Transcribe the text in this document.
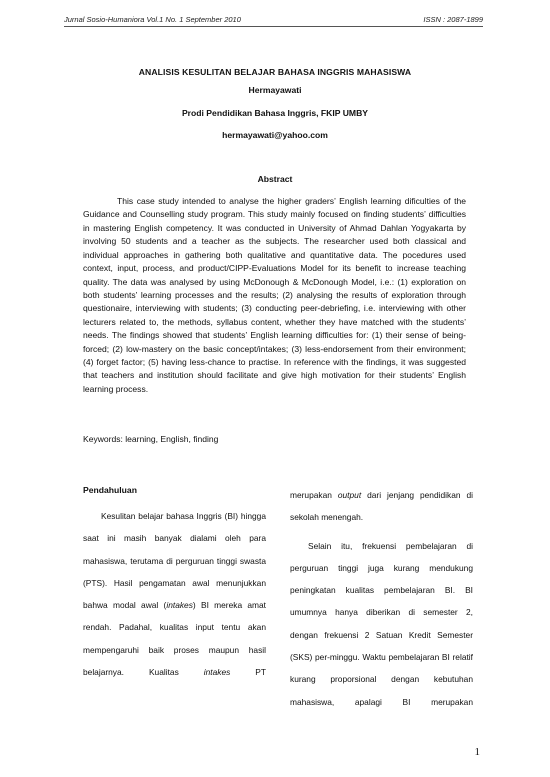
Jurnal Sosio-Humaniora Vol.1 No. 1 September 2010	ISSN : 2087-1899
ANALISIS KESULITAN BELAJAR BAHASA INGGRIS MAHASISWA
Hermayawati
Prodi Pendidikan Bahasa Inggris, FKIP UMBY
hermayawati@yahoo.com
Abstract

This case study intended to analyse the higher graders’ English learning dificulties of the Guidance and Counselling study program. This study mainly focused on finding students’ difficulties in mastering English competency. It was conducted in University of Ahmad Dahlan Yogyakarta by involving 50 students and a teacher as the subjects. The researcher used both classical and individual approaches in gathering both qualitative and quantitative data. The pocedures used context, input, process, and product/CIPP-Evaluations Model for its benefit to increase teaching quality. The data was analysed by using McDonough & McDonough Model, i.e.: (1) exploration on both students’ learning processes and the results; (2) analysing the results of exploration through questionaire, interviewing with students; (3) conducting peer-debriefing, i.e. interviewing with other lecturers related to, the methods, syllabus content, whether they have matched with the students’ needs. The findings showed that students’ English learning difficulties for: (1) their sense of being-forced; (2) low-mastery on the basic concept/intakes; (3) less-endorsement from their environment; (4) forget factor; (5) having less-chance to practise. In reference with the findings, it was suggested that teachers and institution should facilitate and give high motivation for their students’ English learning process.

Keywords: learning, English, finding
Pendahuluan

Kesulitan belajar bahasa Inggris (BI) hingga saat ini masih banyak dialami oleh para mahasiswa, terutama di perguruan tinggi swasta (PTS). Hasil pengamatan awal menunjukkan bahwa modal awal (intakes) BI mereka amat rendah. Padahal, kualitas input tentu akan mempengaruhi baik proses maupun hasil belajarnya. Kualitas intakes PT

merupakan output dari jenjang pendidikan di sekolah menengah.

Selain itu, frekuensi pembelajaran di perguruan tinggi juga kurang mendukung peningkatan kualitas pembelajaran BI. BI umumnya hanya diberikan di semester 2, dengan frekuensi 2 Satuan Kredit Semester (SKS) per-minggu. Waktu pembelajaran BI relatif kurang proporsional dengan kebutuhan mahasiswa, apalagi BI merupakan

1
